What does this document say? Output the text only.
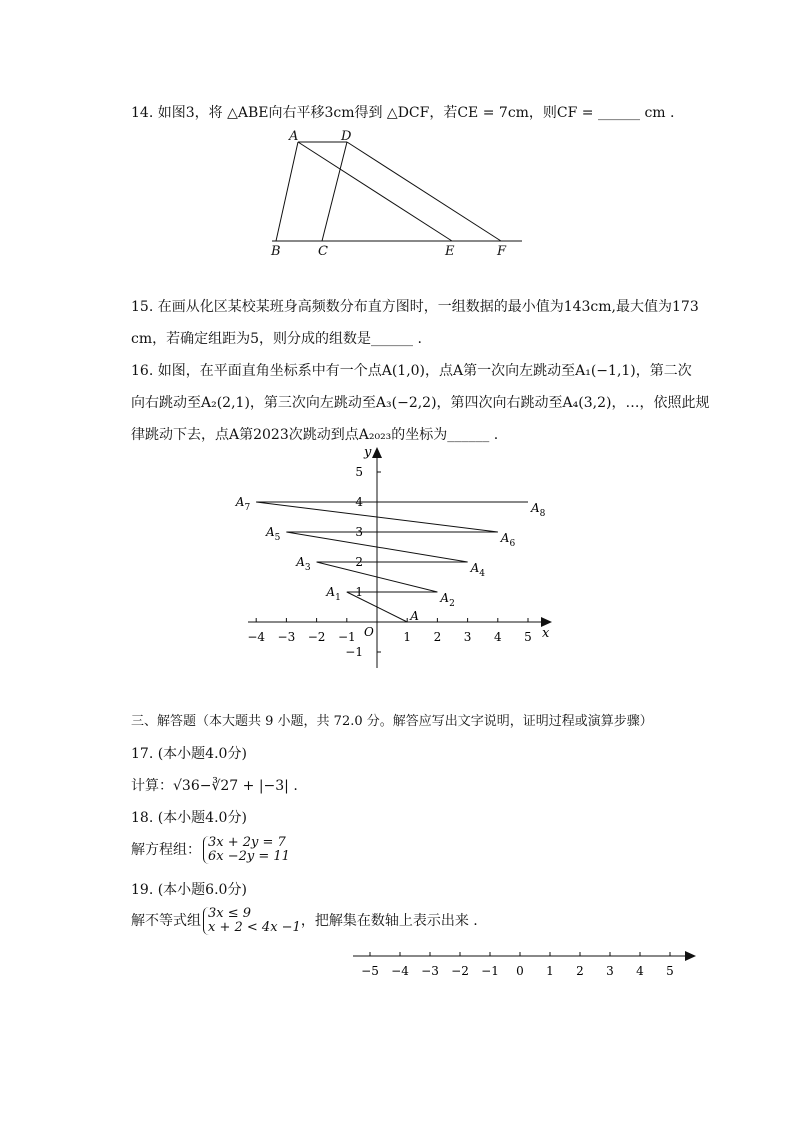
14. 如图3，将 △ABE向右平移3cm得到 △DCF，若CE = 7cm，则CF = ______ cm .
A	D
B	C	E	F
15. 在画从化区某校某班身高频数分布直方图时，一组数据的最小值为143cm,最大值为173
cm，若确定组距为5，则分成的组数是______ .
16. 如图，在平面直角坐标系中有一个点A(1,0)，点A第一次向左跳动至A₁(−1,1)，第二次
向右跳动至A₂(2,1)，第三次向左跳动至A₃(−2,2)，第四次向右跳动至A₄(3,2)，…，依照此规
律跳动下去，点A第2023次跳动到点A₂₀₂₃的坐标为______ .
x
y
O
−4 −3 −2 −1	1 2 3 4 5
5
4
3
2
1
−1
A
$A_1$	$A_2$
$A_3$	$A_4$
$A_5$	$A_6$
$A_7$	$A_8$
三、解答题（本大题共 9 小题，共 72.0 分。解答应写出文字说明，证明过程或演算步骤）
17. (本小题4.0分)
计算：√36−∛27 + |−3| .
18. (本小题4.0分)
解方程组： 3x + 2y = 7
6x −2y = 11
19. (本小题6.0分)
解不等式组 3x ≤ 9
x + 2 < 4x −1 ，把解集在数轴上表示出来 .
−5 −4 −3 −2 −1 0 1 2 3 4 5
